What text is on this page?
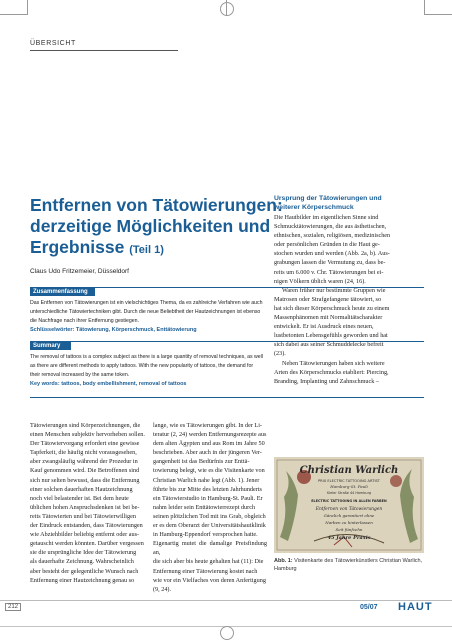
ÜBERSICHT
Entfernen von Tätowierungen:
derzeitige Möglichkeiten und
Ergebnisse (Teil 1)
Claus Udo Fritzemeier, Düsseldorf
Zusammenfassung
Das Entfernen von Tätowierungen ist ein vielschichtiges Thema, da es zahlreiche Verfahren wie auch
unterschiedliche Tätowiertechniken gibt. Durch die neue Beliebtheit der Hautzeichnungen ist ebenso
die Nachfrage nach ihrer Entfernung gestiegen.
Schlüsselwörter: Tätowierung, Körperschmuck, Enttätowierung
Summary
The removal of tattoos is a complex subject as there is a large quantity of removal techniques, as well
as there are different methods to apply tattoos. With the new popularity of tattoos, the demand for
their removal increased by the same token.
Key words: tattoos, body embellishment, removal of tattoos
Ursprung der Tätowierungen und
weiterer Körperschmuck
Die Hautbilder im eigentlichen Sinne sind
Schmucktätowierungen, die aus ästhetischen,
ethnischen, sozialen, religiösen, medizinischen
oder persönlichen Gründen in die Haut ge-
stochen wurden und werden (Abb. 2a, b). Aus-
grabungen lassen die Vermutung zu, dass be-
reits um 6.000 v. Chr. Tätowierungen bei ei-
nigen Völkern üblich waren (24, 16).
Waren früher nur bestimmte Gruppen wie
Matrosen oder Strafgefangene tätowiert, so
hat sich dieser Körperschmuck heute zu einem
Massenphänomen mit Normalitätscharakter
entwickelt. Er ist Ausdruck eines neuen,
lustbetonten Lebensgefühls geworden und hat
sich dabei aus seiner Schmuddelecke befreit
(23).
Neben Tätowierungen haben sich weitere
Arten des Körperschmucks etabliert: Piercing,
Branding, Implanting und Zahnschmuck –
Tätowierungen sind Körperzeichnungen, die
einen Menschen subjektiv hervorheben sollen.
Der Tätowiervorgang erfordert eine gewisse
Tapferkeit, die häufig nicht vorausgesehen,
aber zwangsläufig während der Prozedur in
Kauf genommen wird. Die Betroffenen sind
sich nur selten bewusst, dass die Entfernung
einer solchen dauerhaften Hautzeichnung
noch viel belastender ist. Bei dem heute
üblichen hohen Anspruchsdenken ist bei be-
reits Tätowierten und bei Tätowierwilligen
der Eindruck entstanden, dass Tätowierungen
wie Abziehbilder beliebig entfernt oder aus-
getauscht werden könnten. Darüber vergessen
sie die ursprüngliche Idee der Tätowierung
als dauerhafte Zeichnung. Wahrscheinlich
aber besteht der gelegentliche Wunsch nach
Entfernung einer Hautzeichnung genau so
lange, wie es Tätowierungen gibt. In der Li-
teratur (2, 24) werden Entfernungsrezepte aus
dem alten Ägypten und aus Rom im Jahre 50
beschrieben. Aber auch in der jüngeren Ver-
gangenheit ist das Bedürfnis zur Enttä-
towierung belegt, wie es die Visitenkarte von
Christian Warlich nahe legt (Abb. 1). Jener
führte bis zur Mitte des letzten Jahrhunderts
ein Tätowierstudio in Hamburg-St. Pauli. Er
nahm leider sein Enttätowierrezept durch
seinen plötzlichen Tod mit ins Grab, obgleich
er es dem Oberarzt der Universitätshautklinik
in Hamburg-Eppendorf versprochen hatte.
Eigenartig mutet die damalige Preisfindung an,
die sich aber bis heute gehalten hat (11): Die
Entfernung einer Tätowierung kostet nach
wie vor ein Vielfaches von deren Anfertigung
(9, 24).
Christian Warlich
PRIX ELECTRIC TATTOOING ARTIST
Hamburg-St. Pauli
Kieler Straße 44 Hamburg
ELECTRIC TATTOOING IN ALLEN FARBEN
Entfernen von Tätowierungen
Gänzlich garantiert ohne
Narben zu hinterlassen
Seit fünfzehn
45 Jahre Praxis
Abb. 1: Visitenkarte des Tätowierkünstlers Christian Warlich, Hamburg
212	05/07 HAUT
